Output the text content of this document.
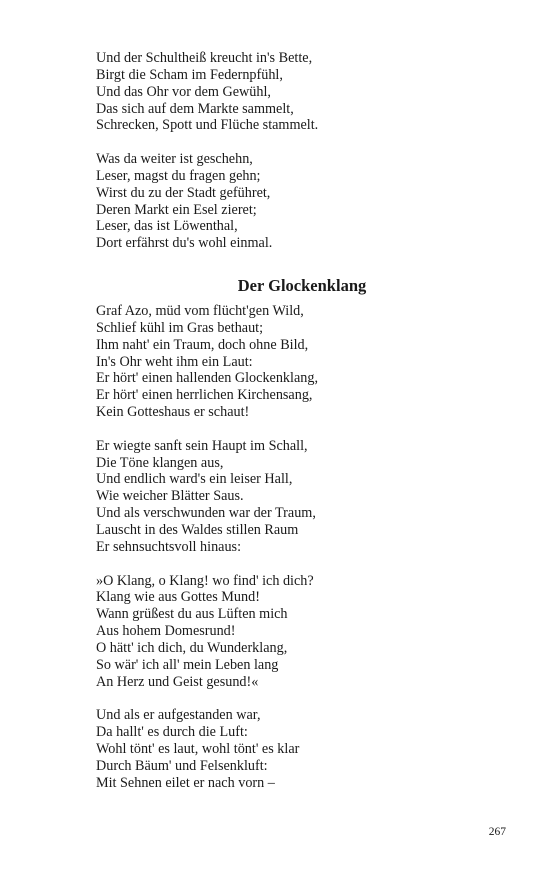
Und der Schultheiß kreucht in's Bette,
Birgt die Scham im Federnpfühl,
Und das Ohr vor dem Gewühl,
Das sich auf dem Markte sammelt,
Schrecken, Spott und Flüche stammelt.
Was da weiter ist geschehn,
Leser, magst du fragen gehn;
Wirst du zu der Stadt geführet,
Deren Markt ein Esel zieret;
Leser, das ist Löwenthal,
Dort erfährst du's wohl einmal.
Der Glockenklang
Graf Azo, müd vom flücht'gen Wild,
Schlief kühl im Gras bethaut;
Ihm naht' ein Traum, doch ohne Bild,
In's Ohr weht ihm ein Laut:
Er hört' einen hallenden Glockenklang,
Er hört' einen herrlichen Kirchensang,
Kein Gotteshaus er schaut!
Er wiegte sanft sein Haupt im Schall,
Die Töne klangen aus,
Und endlich ward's ein leiser Hall,
Wie weicher Blätter Saus.
Und als verschwunden war der Traum,
Lauscht in des Waldes stillen Raum
Er sehnsuchtsvoll hinaus:
»O Klang, o Klang! wo find' ich dich?
Klang wie aus Gottes Mund!
Wann grüßest du aus Lüften mich
Aus hohem Domesrund!
O hätt' ich dich, du Wunderklang,
So wär' ich all' mein Leben lang
An Herz und Geist gesund!«
Und als er aufgestanden war,
Da hallt' es durch die Luft:
Wohl tönt' es laut, wohl tönt' es klar
Durch Bäum' und Felsenkluft:
Mit Sehnen eilet er nach vorn –
267
